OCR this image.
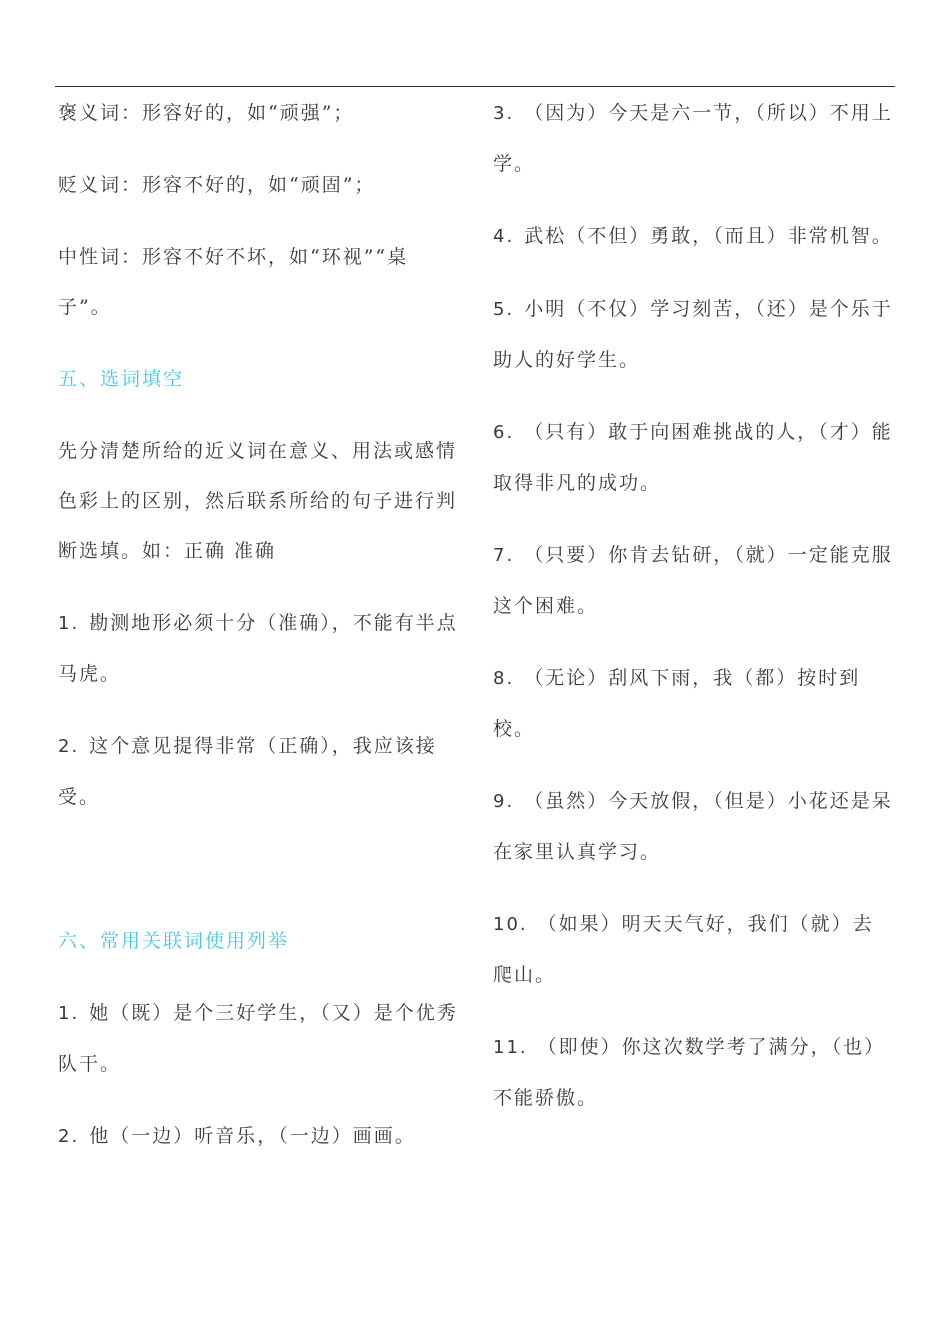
褒义词：形容好的，如“顽强”；

贬义词：形容不好的，如“顽固”；

中性词：形容不好不坏，如“环视”“桌子”。

五、选词填空

先分清楚所给的近义词在意义、用法或感情色彩上的区别，然后联系所给的句子进行判断选填。如：正确 准确

1. 勘测地形必须十分（准确），不能有半点马虎。

2. 这个意见提得非常（正确），我应该接受。

六、常用关联词使用列举

1. 她（既）是个三好学生，（又）是个优秀队干。

2. 他（一边）听音乐，（一边）画画。

3. （因为）今天是六一节，（所以）不用上学。

4. 武松（不但）勇敢，（而且）非常机智。

5. 小明（不仅）学习刻苦，（还）是个乐于助人的好学生。

6. （只有）敢于向困难挑战的人，（才）能取得非凡的成功。

7. （只要）你肯去钻研，（就）一定能克服这个困难。

8. （无论）刮风下雨，我（都）按时到校。

9. （虽然）今天放假，（但是）小花还是呆在家里认真学习。

10. （如果）明天天气好，我们（就）去爬山。

11. （即使）你这次数学考了满分，（也）不能骄傲。
